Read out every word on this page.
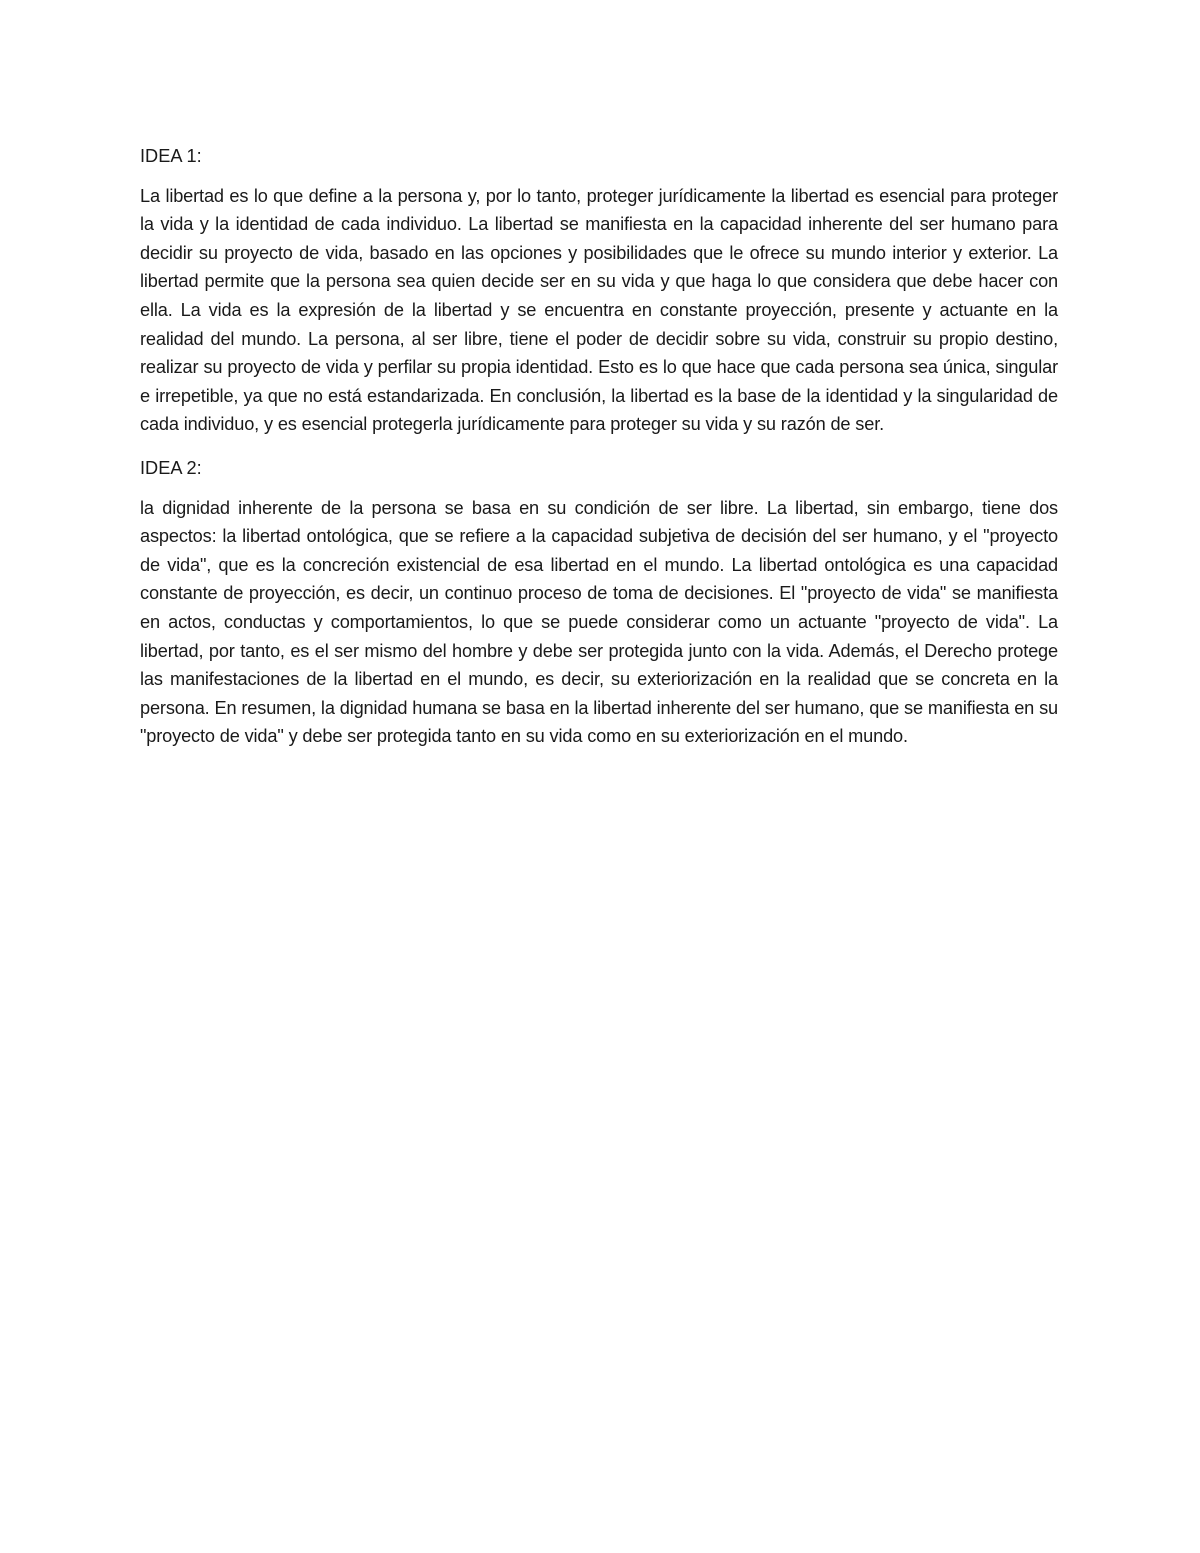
IDEA 1:

La libertad es lo que define a la persona y, por lo tanto, proteger jurídicamente la libertad es esencial para proteger la vida y la identidad de cada individuo. La libertad se manifiesta en la capacidad inherente del ser humano para decidir su proyecto de vida, basado en las opciones y posibilidades que le ofrece su mundo interior y exterior. La libertad permite que la persona sea quien decide ser en su vida y que haga lo que considera que debe hacer con ella. La vida es la expresión de la libertad y se encuentra en constante proyección, presente y actuante en la realidad del mundo. La persona, al ser libre, tiene el poder de decidir sobre su vida, construir su propio destino, realizar su proyecto de vida y perfilar su propia identidad. Esto es lo que hace que cada persona sea única, singular e irrepetible, ya que no está estandarizada. En conclusión, la libertad es la base de la identidad y la singularidad de cada individuo, y es esencial protegerla jurídicamente para proteger su vida y su razón de ser.

IDEA 2:

la dignidad inherente de la persona se basa en su condición de ser libre. La libertad, sin embargo, tiene dos aspectos: la libertad ontológica, que se refiere a la capacidad subjetiva de decisión del ser humano, y el "proyecto de vida", que es la concreción existencial de esa libertad en el mundo. La libertad ontológica es una capacidad constante de proyección, es decir, un continuo proceso de toma de decisiones. El "proyecto de vida" se manifiesta en actos, conductas y comportamientos, lo que se puede considerar como un actuante "proyecto de vida". La libertad, por tanto, es el ser mismo del hombre y debe ser protegida junto con la vida. Además, el Derecho protege las manifestaciones de la libertad en el mundo, es decir, su exteriorización en la realidad que se concreta en la persona. En resumen, la dignidad humana se basa en la libertad inherente del ser humano, que se manifiesta en su "proyecto de vida" y debe ser protegida tanto en su vida como en su exteriorización en el mundo.
